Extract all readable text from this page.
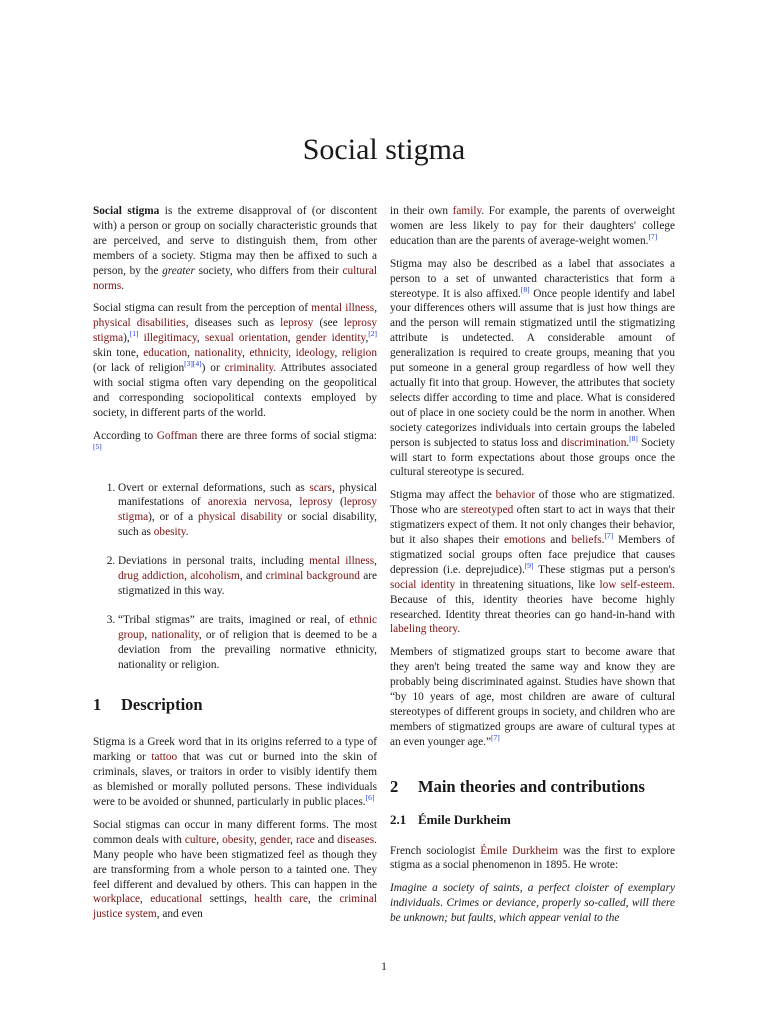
Social stigma

Social stigma is the extreme disapproval of (or discontent with) a person or group on socially characteristic grounds that are perceived, and serve to distinguish them, from other members of a society. Stigma may then be affixed to such a person, by the greater society, who differs from their cultural norms.

Social stigma can result from the perception of mental illness, physical disabilities, diseases such as leprosy (see leprosy stigma),[1] illegitimacy, sexual orientation, gender identity,[2] skin tone, education, nationality, ethnicity, ideology, religion (or lack of religion[3][4]) or criminality. Attributes associated with social stigma often vary depending on the geopolitical and corresponding sociopolitical contexts employed by society, in different parts of the world.

According to Goffman there are three forms of social stigma:[5]

1. Overt or external deformations, such as scars, physical manifestations of anorexia nervosa, leprosy (leprosy stigma), or of a physical disability or social disability, such as obesity.
2. Deviations in personal traits, including mental illness, drug addiction, alcoholism, and criminal background are stigmatized in this way.
3. “Tribal stigmas” are traits, imagined or real, of ethnic group, nationality, or of religion that is deemed to be a deviation from the prevailing normative ethnicity, nationality or religion.
1 Description

Stigma is a Greek word that in its origins referred to a type of marking or tattoo that was cut or burned into the skin of criminals, slaves, or traitors in order to visibly identify them as blemished or morally polluted persons. These individuals were to be avoided or shunned, particularly in public places.[6]

Social stigmas can occur in many different forms. The most common deals with culture, obesity, gender, race and diseases. Many people who have been stigmatized feel as though they are transforming from a whole person to a tainted one. They feel different and devalued by others. This can happen in the workplace, educational settings, health care, the criminal justice system, and even

in their own family. For example, the parents of overweight women are less likely to pay for their daughters' college education than are the parents of average-weight women.[7]

Stigma may also be described as a label that associates a person to a set of unwanted characteristics that form a stereotype. It is also affixed.[8] Once people identify and label your differences others will assume that is just how things are and the person will remain stigmatized until the stigmatizing attribute is undetected. A considerable amount of generalization is required to create groups, meaning that you put someone in a general group regardless of how well they actually fit into that group. However, the attributes that society selects differ according to time and place. What is considered out of place in one society could be the norm in another. When society categorizes individuals into certain groups the labeled person is subjected to status loss and discrimination.[8] Society will start to form expectations about those groups once the cultural stereotype is secured.

Stigma may affect the behavior of those who are stigmatized. Those who are stereotyped often start to act in ways that their stigmatizers expect of them. It not only changes their behavior, but it also shapes their emotions and beliefs.[7] Members of stigmatized social groups often face prejudice that causes depression (i.e. deprejudice).[9] These stigmas put a person's social identity in threatening situations, like low self-esteem. Because of this, identity theories have become highly researched. Identity threat theories can go hand-in-hand with labeling theory.

Members of stigmatized groups start to become aware that they aren't being treated the same way and know they are probably being discriminated against. Studies have shown that “by 10 years of age, most children are aware of cultural stereotypes of different groups in society, and children who are members of stigmatized groups are aware of cultural types at an even younger age.”[7]

2 Main theories and contributions
2.1 Émile Durkheim

French sociologist Émile Durkheim was the first to explore stigma as a social phenomenon in 1895. He wrote:

Imagine a society of saints, a perfect cloister of exemplary individuals. Crimes or deviance, properly so-called, will there be unknown; but faults, which appear venial to the

1
